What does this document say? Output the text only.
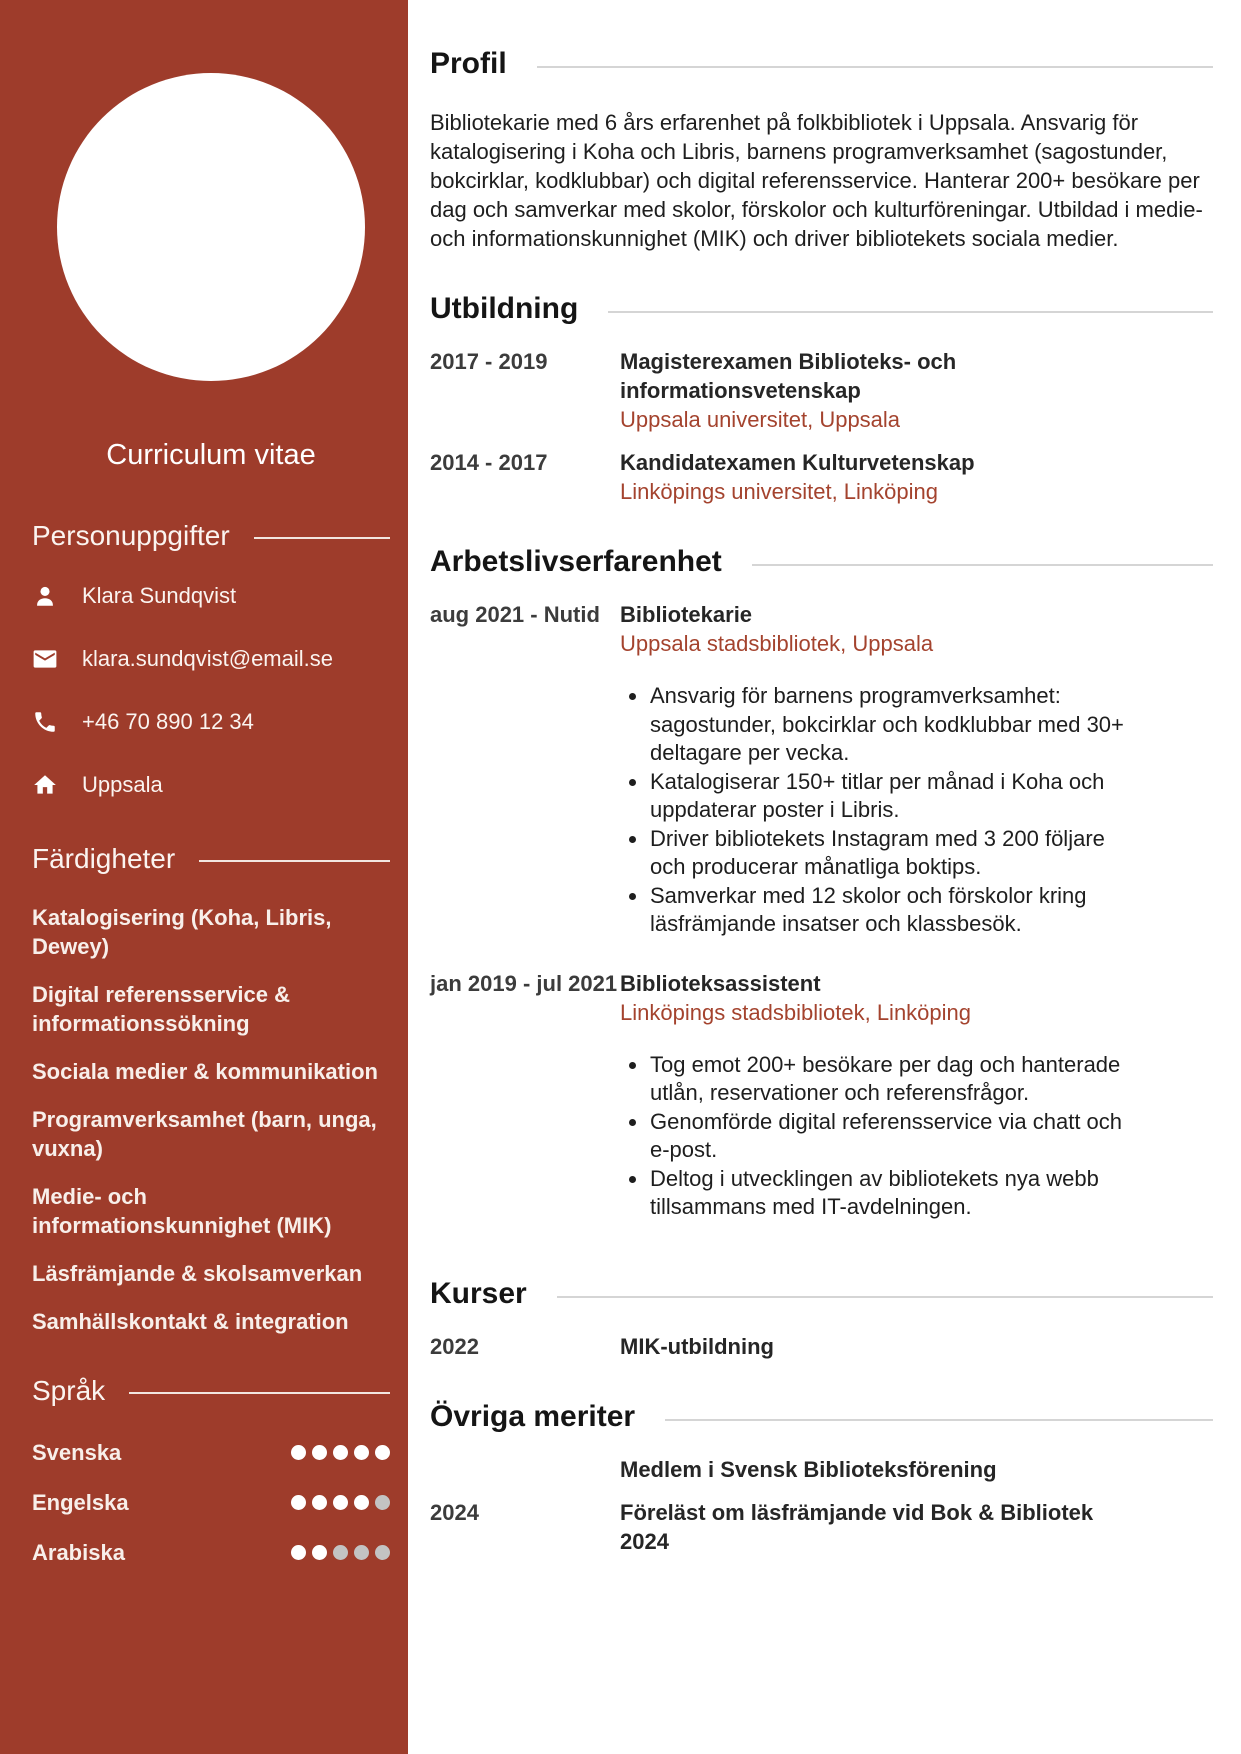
Curriculum vitae
Personuppgifter
Klara Sundqvist
klara.sundqvist@email.se
+46 70 890 12 34
Uppsala
Färdigheter
Katalogisering (Koha, Libris, Dewey)
Digital referensservice & informationssökning
Sociala medier & kommunikation
Programverksamhet (barn, unga, vuxna)
Medie- och informationskunnighet (MIK)
Läsfrämjande & skolsamverkan
Samhällskontakt & integration
Språk
Svenska
Engelska
Arabiska
Profil

Bibliotekarie med 6 års erfarenhet på folkbibliotek i Uppsala. Ansvarig för katalogisering i Koha och Libris, barnens programverksamhet (sagostunder, bokcirklar, kodklubbar) och digital referensservice. Hanterar 200+ besökare per dag och samverkar med skolor, förskolor och kulturföreningar. Utbildad i medie- och informationskunnighet (MIK) och driver bibliotekets sociala medier.

Utbildning
2017 - 2019	Magisterexamen Biblioteks- och informationsvetenskap
Uppsala universitet, Uppsala
2014 - 2017	Kandidatexamen Kulturvetenskap
Linköpings universitet, Linköping
Arbetslivserfarenhet
aug 2021 - Nutid Bibliotekarie
Uppsala stadsbibliotek, Uppsala
Ansvarig för barnens programverksamhet: sagostunder, bokcirklar och kodklubbar med 30+ deltagare per vecka.
Katalogiserar 150+ titlar per månad i Koha och uppdaterar poster i Libris.
Driver bibliotekets Instagram med 3 200 följare och producerar månatliga boktips.
Samverkar med 12 skolor och förskolor kring läsfrämjande insatser och klassbesök.
jan 2019 - jul 2021 Biblioteksassistent
Linköpings stadsbibliotek, Linköping
Tog emot 200+ besökare per dag och hanterade utlån, reservationer och referensfrågor.
Genomförde digital referensservice via chatt och e-post.
Deltog i utvecklingen av bibliotekets nya webb tillsammans med IT-avdelningen.
Kurser
2022	MIK-utbildning
Övriga meriter
Medlem i Svensk Biblioteksförening
2024	Föreläst om läsfrämjande vid Bok & Bibliotek 2024
